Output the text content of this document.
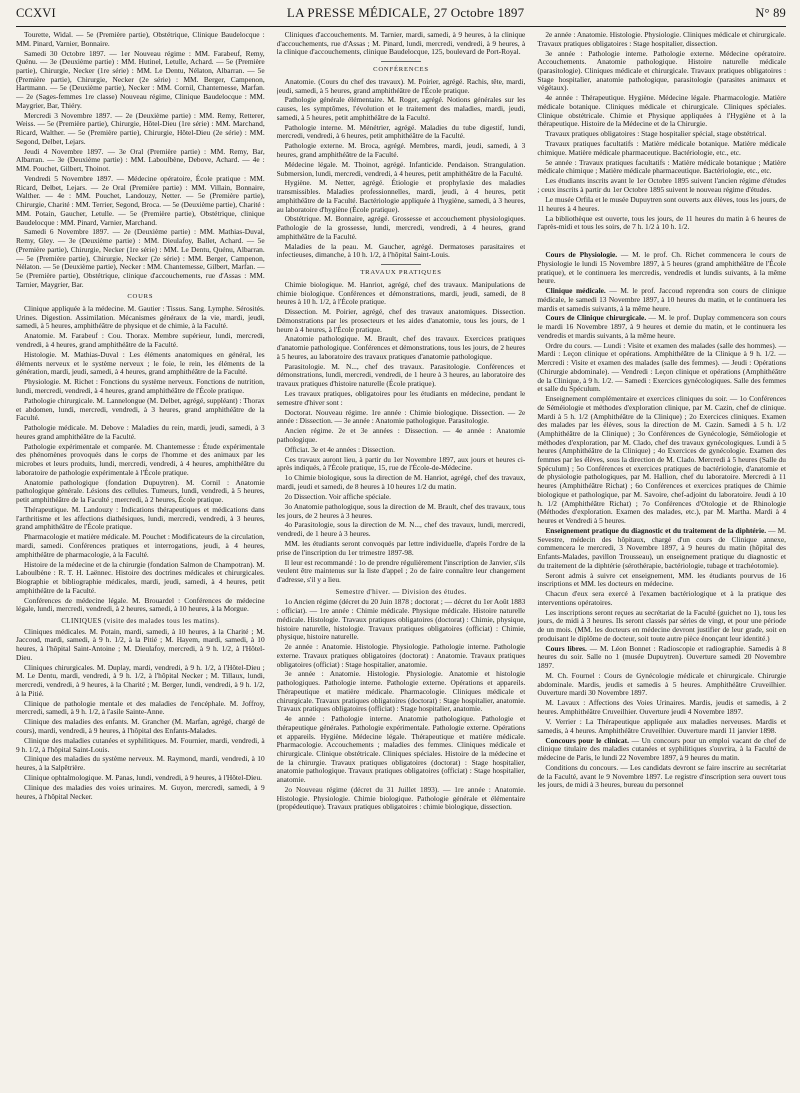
CCXVI	LA PRESSE MÉDICALE, 27 Octobre 1897	N° 89

Tourette, Widal. — 5e (Première partie), Obstétrique, Clinique Baudelocque : MM. Pinard, Varnier, Bonnaire.

Samedi 30 Octobre 1897. — 1er Nouveau régime : MM. Farabeuf, Remy, Quénu. — 3e (Deuxième partie) : MM. Hutinel, Letulle, Achard. — 5e (Première partie), Chirurgie, Necker (1re série) : MM. Le Dentu, Nélaton, Albarran. — 5e (Première partie), Chirurgie, Necker (2e série) : MM. Berger, Campenon, Hartmann. — 5e (Deuxième partie), Necker : MM. Cornil, Chantemesse, Marfan. — 2e (Sages-femmes 1re classe) Nouveau régime, Clinique Baudelocque : MM. Maygrier, Bar, Thiéry.

Mercredi 3 Novembre 1897. — 2e (Deuxième partie) : MM. Remy, Retterer, Weiss. — 5e (Première partie), Chirurgie, Hôtel-Dieu (1re série) : MM. Marchand, Ricard, Walther. — 5e (Première partie), Chirurgie, Hôtel-Dieu (2e série) : MM. Segond, Delbet, Lejars.

Jeudi 4 Novembre 1897. — 3e Oral (Première partie) : MM. Remy, Bar, Albarran. — 3e (Deuxième partie) : MM. Laboulbène, Debove, Achard. — 4e : MM. Pouchet, Gilbert, Thoinot.

Vendredi 5 Novembre 1897. — Médecine opératoire, École pratique : MM. Ricard, Delbet, Lejars. — 2e Oral (Première partie) : MM. Villain, Bonnaire, Walther. — 4e : MM. Pouchet, Landouzy, Netter. — 5e (Première partie), Chirurgie, Charité : MM. Terrier, Segond, Broca. — 5e (Deuxième partie), Charité : MM. Potain, Gaucher, Letulle. — 5e (Première partie), Obstétrique, clinique Baudelocque : MM. Pinard, Varnier, Marchand.

Samedi 6 Novembre 1897. — 2e (Deuxième partie) : MM. Mathias-Duval, Remy, Gley. — 3e (Deuxième partie) : MM. Dieulafoy, Ballet, Achard. — 5e (Première partie), Chirurgie, Necker (1re série) : MM. Le Dentu, Quénu, Albarran. — 5e (Première partie), Chirurgie, Necker (2e série) : MM. Berger, Campenon, Nélaton. — 5e (Deuxième partie), Necker : MM. Chantemesse, Gilbert, Marfan. — 5e (Première partie), Obstétrique, clinique d'accouchements, rue d'Assas : MM. Tarnier, Maygrier, Bar.

COURS

Clinique appliquée à la médecine. M. Gautier : Tissus. Sang. Lymphe. Sérosités. Urines. Digestion. Assimilation. Mécanismes généraux de la vie, mardi, jeudi, samedi, à 5 heures, amphithéâtre de physique et de chimie, à la Faculté.

Anatomie. M. Farabeuf : Cou. Thorax. Membre supérieur, lundi, mercredi, vendredi, à 4 heures, grand amphithéâtre de la Faculté.

Histologie. M. Mathias-Duval : Les éléments anatomiques en général, les éléments nerveux et le système nerveux ; le foie, le rein, les éléments de la génération, mardi, jeudi, samedi, à 4 heures, grand amphithéâtre de la Faculté.

Physiologie. M. Richet : Fonctions du système nerveux. Fonctions de nutrition, lundi, mercredi, vendredi, à 4 heures, grand amphithéâtre de l'École pratique.

Pathologie chirurgicale. M. Lannelongue (M. Delbet, agrégé, suppléant) : Thorax et abdomen, lundi, mercredi, vendredi, à 3 heures, grand amphithéâtre de la Faculté.

Pathologie médicale. M. Debove : Maladies du rein, mardi, jeudi, samedi, à 3 heures grand amphithéâtre de la Faculté.

Pathologie expérimentale et comparée. M. Chantemesse : Étude expérimentale des phénomènes provoqués dans le corps de l'homme et des animaux par les microbes et leurs produits, lundi, mercredi, vendredi, à 4 heures, amphithéâtre du laboratoire de pathologie expérimentale à l'École pratique.

Anatomie pathologique (fondation Dupuytren). M. Cornil : Anatomie pathologique générale. Lésions des cellules. Tumeurs, lundi, vendredi, à 5 heures, petit amphithéâtre de la Faculté ; mercredi, à 2 heures, École pratique.

Thérapeutique. M. Landouzy : Indications thérapeutiques et médications dans l'arthritisme et les affections diathésiques, lundi, mercredi, vendredi, à 3 heures, grand amphithéâtre de l'École pratique.

Pharmacologie et matière médicale. M. Pouchet : Modificateurs de la circulation, mardi, samedi. Conférences pratiques et interrogations, jeudi, à 4 heures, amphithéâtre de pharmacologie, à la Faculté.

Histoire de la médecine et de la chirurgie (fondation Salmon de Champotran). M. Laboulbène : R. T. H. Laënnec. Histoire des doctrines médicales et chirurgicales. Biographie et bibliographie médicales, mardi, jeudi, samedi, à 4 heures, petit amphithéâtre de la Faculté.

Conférences de médecine légale. M. Brouardel : Conférences de médecine légale, lundi, mercredi, vendredi, à 2 heures, samedi, à 10 heures, à la Morgue.

CLINIQUES (visite des malades tous les matins).

Cliniques médicales. M. Potain, mardi, samedi, à 10 heures, à la Charité ; M. Jaccoud, mardi, samedi, à 9 h. 1/2, à la Pitié ; M. Hayem, mardi, samedi, à 10 heures, à l'hôpital Saint-Antoine ; M. Dieulafoy, mercredi, à 9 h. 1/2, à l'Hôtel-Dieu.

Cliniques chirurgicales. M. Duplay, mardi, vendredi, à 9 h. 1/2, à l'Hôtel-Dieu ; M. Le Dentu, mardi, vendredi, à 9 h. 1/2, à l'hôpital Necker ; M. Tillaux, lundi, mercredi, vendredi, à 9 heures, à la Charité ; M. Berger, lundi, vendredi, à 9 h. 1/2, à la Pitié.

Clinique de pathologie mentale et des maladies de l'encéphale. M. Joffroy, mercredi, samedi, à 9 h. 1/2, à l'asile Sainte-Anne.

Clinique des maladies des enfants. M. Grancher (M. Marfan, agrégé, chargé de cours), mardi, vendredi, à 9 heures, à l'hôpital des Enfants-Malades.

Clinique des maladies cutanées et syphilitiques. M. Fournier, mardi, vendredi, à 9 h. 1/2, à l'hôpital Saint-Louis.

Clinique des maladies du système nerveux. M. Raymond, mardi, vendredi, à 10 heures, à la Salpêtrière.

Clinique ophtalmologique. M. Panas, lundi, vendredi, à 9 heures, à l'Hôtel-Dieu.

Clinique des maladies des voies urinaires. M. Guyon, mercredi, samedi, à 9 heures, à l'hôpital Necker.

Cliniques d'accouchements. M. Tarnier, mardi, samedi, à 9 heures, à la clinique d'accouchements, rue d'Assas ; M. Pinard, lundi, mercredi, vendredi, à 9 heures, à la clinique d'accouchements, clinique Baudelocque, 125, boulevard de Port-Royal.

CONFÉRENCES

Anatomie. (Cours du chef des travaux). M. Poirier, agrégé. Rachis, tête, mardi, jeudi, samedi, à 5 heures, grand amphithéâtre de l'École pratique.

Pathologie générale élémentaire. M. Roger, agrégé. Notions générales sur les causes, les symptômes, l'évolution et le traitement des maladies, mardi, jeudi, samedi, à 5 heures, petit amphithéâtre de la Faculté.

Pathologie interne. M. Ménétrier, agrégé. Maladies du tube digestif, lundi, mercredi, vendredi, à 6 heures, petit amphithéâtre de la Faculté.

Pathologie externe. M. Broca, agrégé. Membres, mardi, jeudi, samedi, à 3 heures, grand amphithéâtre de la Faculté.

Médecine légale. M. Thoinot, agrégé. Infanticide. Pendaison. Strangulation. Submersion, lundi, mercredi, vendredi, à 4 heures, petit amphithéâtre de la Faculté.

Hygiène. M. Netter, agrégé. Étiologie et prophylaxie des maladies transmissibles. Maladies professionnelles, mardi, jeudi, à 4 heures, petit amphithéâtre de la Faculté. Bactériologie appliquée à l'hygiène, samedi, à 3 heures, au laboratoire d'hygiène (École pratique).

Obstétrique. M. Bonnaire, agrégé. Grossesse et accouchement physiologiques. Pathologie de la grossesse, lundi, mercredi, vendredi, à 4 heures, grand amphithéâtre de la Faculté.

Maladies de la peau. M. Gaucher, agrégé. Dermatoses parasitaires et infectieuses, dimanche, à 10 h. 1/2, à l'hôpital Saint-Louis.

TRAVAUX PRATIQUES

Chimie biologique. M. Hanriot, agrégé, chef des travaux. Manipulations de chimie biologique. Conférences et démonstrations, mardi, jeudi, samedi, de 8 heures à 10 h. 1/2, à l'École pratique.

Dissection. M. Poirier, agrégé, chef des travaux anatomiques. Dissection. Démonstrations par les prosecteurs et les aides d'anatomie, tous les jours, de 1 heure à 4 heures, à l'École pratique.

Anatomie pathologique. M. Brault, chef des travaux. Exercices pratiques d'anatomie pathologique. Conférences et démonstrations, tous les jours, de 2 heures à 5 heures, au laboratoire des travaux pratiques d'anatomie pathologique.

Parasitologie. M. N..., chef des travaux. Parasitologie. Conférences et démonstrations, lundi, mercredi, vendredi, de 1 heure à 3 heures, au laboratoire des travaux pratiques d'histoire naturelle (École pratique).

Les travaux pratiques, obligatoires pour les étudiants en médecine, pendant le semestre d'hiver sont :

Doctorat. Nouveau régime. 1re année : Chimie biologique. Dissection. — 2e année : Dissection. — 3e année : Anatomie pathologique. Parasitologie.

Ancien régime. 2e et 3e années : Dissection. — 4e année : Anatomie pathologique.

Officiat. 3e et 4e années : Dissection.

Ces travaux auront lieu, à partir du 1er Novembre 1897, aux jours et heures ci-après indiqués, à l'École pratique, 15, rue de l'École-de-Médecine.

1o Chimie biologique, sous la direction de M. Hanriot, agrégé, chef des travaux, mardi, jeudi et samedi, de 8 heures à 10 heures 1/2 du matin.

2o Dissection. Voir affiche spéciale.

3o Anatomie pathologique, sous la direction de M. Brault, chef des travaux, tous les jours, de 2 heures à 3 heures.

4o Parasitologie, sous la direction de M. N..., chef des travaux, lundi, mercredi, vendredi, de 1 heure à 3 heures.

MM. les étudiants seront convoqués par lettre individuelle, d'après l'ordre de la prise de l'inscription du 1er trimestre 1897-98.

Il leur est recommandé : 1o de prendre régulièrement l'inscription de Janvier, s'ils veulent être maintenus sur la liste d'appel ; 2o de faire connaître leur changement d'adresse, s'il y a lieu.

Semestre d'hiver. — Division des études.

1o Ancien régime (décret du 20 Juin 1878 ; doctorat ; — décret du 1er Août 1883 : officiat). — 1re année : Chimie médicale. Physique médicale. Histoire naturelle médicale. Histologie. Travaux pratiques obligatoires (doctorat) : Chimie, physique, histoire naturelle, histologie. Travaux pratiques obligatoires (officiat) : Chimie, physique, histoire naturelle.

2e année : Anatomie. Histologie. Physiologie. Pathologie interne. Pathologie externe. Travaux pratiques obligatoires (doctorat) : Anatomie. Travaux pratiques obligatoires (officiat) : Stage hospitalier, anatomie.

3e année : Anatomie. Histologie. Physiologie. Anatomie et histologie pathologiques. Pathologie interne. Pathologie externe. Opérations et appareils. Thérapeutique et matière médicale. Pharmacologie. Cliniques médicale et chirurgicale. Travaux pratiques obligatoires (doctorat) : Stage hospitalier, anatomie. Travaux pratiques obligatoires (officiat) : Stage hospitalier, anatomie.

4e année : Pathologie interne. Anatomie pathologique. Pathologie et thérapeutique générales. Pathologie expérimentale. Pathologie externe. Opérations et appareils. Hygiène. Médecine légale. Thérapeutique et matière médicale. Pharmacologie. Accouchements ; maladies des femmes. Cliniques médicale et chirurgicale. Clinique obstétricale. Cliniques spéciales. Histoire de la médecine et de la chirurgie. Travaux pratiques obligatoires (doctorat) : Stage hospitalier, anatomie pathologique. Travaux pratiques obligatoires (officiat) : Stage hospitalier, anatomie.

2o Nouveau régime (décret du 31 Juillet 1893). — 1re année : Anatomie. Histologie. Physiologie. Chimie biologique. Pathologie générale et élémentaire (propédeutique). Travaux pratiques obligatoires : chimie biologique, dissection.

2e année : Anatomie. Histologie. Physiologie. Cliniques médicale et chirurgicale. Travaux pratiques obligatoires : Stage hospitalier, dissection.

3e année : Pathologie interne. Pathologie externe. Médecine opératoire. Accouchements. Anatomie pathologique. Histoire naturelle médicale (parasitologie). Cliniques médicale et chirurgicale. Travaux pratiques obligatoires : Stage hospitalier, anatomie pathologique, parasitologie (parasites animaux et végétaux).

4e année : Thérapeutique. Hygiène. Médecine légale. Pharmacologie. Matière médicale botanique. Cliniques médicale et chirurgicale. Cliniques spéciales. Clinique obstétricale. Chimie et Physique appliquées à l'Hygiène et à la thérapeutique. Histoire de la Médecine et de la Chirurgie.

Travaux pratiques obligatoires : Stage hospitalier spécial, stage obstétrical.

Travaux pratiques facultatifs : Matière médicale botanique. Matière médicale chimique. Matière médicale pharmaceutique. Bactériologie, etc., etc.

5e année : Travaux pratiques facultatifs : Matière médicale botanique ; Matière médicale chimique ; Matière médicale pharmaceutique. Bactériologie, etc., etc.

Les étudiants inscrits avant le 1er Octobre 1895 suivent l'ancien régime d'études ; ceux inscrits à partir du 1er Octobre 1895 suivent le nouveau régime d'études.

Le musée Orfila et le musée Dupuytren sont ouverts aux élèves, tous les jours, de 11 heures à 4 heures.

La bibliothèque est ouverte, tous les jours, de 11 heures du matin à 6 heures de l'après-midi et tous les soirs, de 7 h. 1/2 à 10 h. 1/2.

Cours de Physiologie. — M. le prof. Ch. Richet commencera le cours de Physiologie le lundi 15 Novembre 1897, à 5 heures (grand amphithéâtre de l'École pratique), et le continuera les mercredis, vendredis et lundis suivants, à la même heure.

Clinique médicale. — M. le prof. Jaccoud reprendra son cours de clinique médicale, le samedi 13 Novembre 1897, à 10 heures du matin, et le continuera les mardis et samedis suivants, à la même heure.

Cours de Clinique chirurgicale. — M. le prof. Duplay commencera son cours le mardi 16 Novembre 1897, à 9 heures et demie du matin, et le continuera les vendredis et mardis suivants, à la même heure.

Ordre du cours. — Lundi : Visite et examen des malades (salle des hommes). — Mardi : Leçon clinique et opérations. Amphithéâtre de la Clinique à 9 h. 1/2. — Mercredi : Visite et examen des malades (salle des femmes). — Jeudi : Opérations (Chirurgie abdominale). — Vendredi : Leçon clinique et opérations (Amphithéâtre de la Clinique, à 9 h. 1/2. — Samedi : Exercices gynécologiques. Salle des femmes et salle du Spéculum.

Enseignement complémentaire et exercices cliniques du soir. — 1o Conférences de Séméiologie et méthodes d'exploration clinique, par M. Cazin, chef de clinique. Mardi à 5 h. 1/2 (Amphithéâtre de la Clinique) ; 2o Exercices cliniques. Examen des malades par les élèves, sous la direction de M. Cazin. Samedi à 5 h. 1/2 (Amphithéâtre de la Clinique) ; 3o Conférences de Gynécologie, Séméiologie et méthodes d'exploration, par M. Clado, chef des travaux gynécologiques. Lundi à 5 heures (Amphithéâtre de la Clinique) ; 4o Exercices de gynécologie. Examen des femmes par les élèves, sous la direction de M. Clado. Mercredi à 5 heures (Salle du Spéculum) ; 5o Conférences et exercices pratiques de bactériologie, d'anatomie et de physiologie pathologiques, par M. Hallion, chef du laboratoire. Mercredi à 11 heures (Amphithéâtre Richat) ; 6o Conférences et exercices pratiques de Chimie biologique et pathologique, par M. Savoire, chef-adjoint du laboratoire. Jeudi à 10 h. 1/2 (Amphithéâtre Richat) ; 7o Conférences d'Otologie et de Rhinologie (Méthodes d'exploration. Examen des malades, etc.), par M. Martha. Mardi à 4 heures et Vendredi à 5 heures.

Enseignement pratique du diagnostic et du traitement de la diphtérie. — M. Sevestre, médecin des hôpitaux, chargé d'un cours de Clinique annexe, commencera le mercredi, 3 Novembre 1897, à 9 heures du matin (hôpital des Enfants-Malades, pavillon Trousseau), un enseignement pratique du diagnostic et du traitement de la diphtérie (sérothérapie, bactériologie, tubage et trachéotomie).

Seront admis à suivre cet enseignement, MM. les étudiants pourvus de 16 inscriptions et MM. les docteurs en médecine.

Chacun d'eux sera exercé à l'examen bactériologique et à la pratique des interventions opératoires.

Les inscriptions seront reçues au secrétariat de la Faculté (guichet no 1), tous les jours, de midi à 3 heures. Ils seront classés par séries de vingt, et pour une période de un mois. (MM. les docteurs en médecine devront justifier de leur grade, soit en produisant le diplôme de docteur, soit toute autre pièce énonçant leur identité.)

Cours libres. — M. Léon Bonnet : Radioscopie et radiographie. Samedis à 8 heures du soir. Salle no 1 (musée Dupuytren). Ouverture samedi 20 Novembre 1897.

M. Ch. Fournel : Cours de Gynécologie médicale et chirurgicale. Chirurgie abdominale. Mardis, jeudis et samedis à 5 heures. Amphithéâtre Cruveilhier. Ouverture mardi 30 Novembre 1897.

M. Lavaux : Affections des Voies Urinaires. Mardis, jeudis et samedis, à 2 heures. Amphithéâtre Cruveilhier. Ouverture jeudi 4 Novembre 1897.

V. Verrier : La Thérapeutique appliquée aux maladies nerveuses. Mardis et samedis, à 4 heures. Amphithéâtre Cruveilhier. Ouverture mardi 11 janvier 1898.

Concours pour le clinicat. — Un concours pour un emploi vacant de chef de clinique titulaire des maladies cutanées et syphilitiques s'ouvrira, à la Faculté de médecine de Paris, le lundi 22 Novembre 1897, à 9 heures du matin.

Conditions du concours. — Les candidats devront se faire inscrire au secrétariat de la Faculté, avant le 9 Novembre 1897. Le registre d'inscription sera ouvert tous les jours, de midi à 3 heures, bureau du personnel
